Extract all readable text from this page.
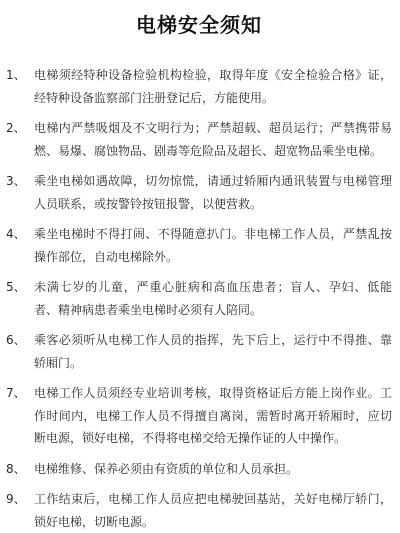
电梯安全须知
1、 电梯须经特种设备检验机构检验，取得年度《安全检验合格》证，经特种设备监察部门注册登记后，方能使用。
2、 电梯内严禁吸烟及不文明行为；严禁超载、超员运行；严禁携带易燃、易爆、腐蚀物品、剧毒等危险品及超长、超宽物品乘坐电梯。
3、 乘坐电梯如遇故障，切勿惊慌，请通过轿厢内通讯装置与电梯管理人员联系，或按警铃按钮报警，以便营救。
4、 乘坐电梯时不得打闹、不得随意扒门。非电梯工作人员，严禁乱按操作部位，自动电梯除外。
5、 未满七岁的儿童，严重心脏病和高血压患者；盲人、孕妇、低能者、精神病患者乘坐电梯时必须有人陪同。
6、 乘客必须听从电梯工作人员的指挥，先下后上，运行中不得推、靠轿厢门。
7、 电梯工作人员须经专业培训考核，取得资格证后方能上岗作业。工作时间内，电梯工作人员不得擅自离岗，需暂时离开轿厢时，应切断电源，锁好电梯，不得将电梯交给无操作证的人中操作。
8、 电梯维修、保养必须由有资质的单位和人员承担。
9、 工作结束后，电梯工作人员应把电梯驶回基站，关好电梯厅轿门，锁好电梯，切断电源。
